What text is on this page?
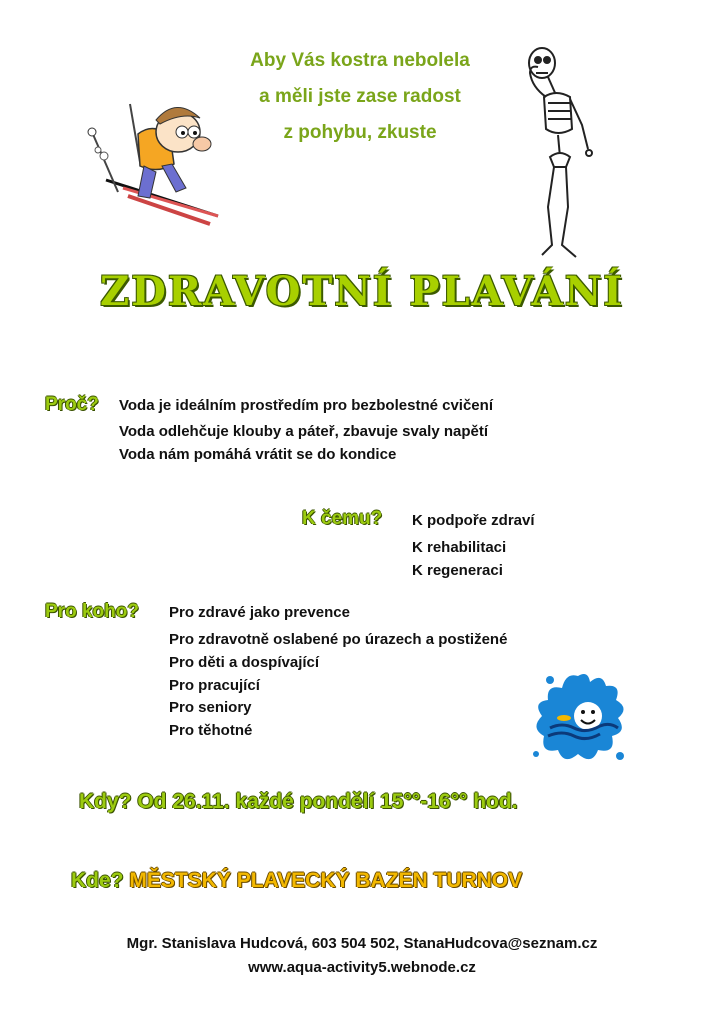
Aby Vás kostra nebolela
a měli jste zase radost
z pohybu, zkuste
ZDRAVOTNÍ PLAVÁNÍ
Proč? Voda je ideálním prostředím pro bezbolestné cvičení
Voda odlehčuje klouby a páteř, zbavuje svaly napětí
Voda nám pomáhá vrátit se do kondice
K čemu? K podpoře zdraví
K rehabilitaci
K regeneraci
Pro koho? Pro zdravé jako prevence
Pro zdravotně oslabené po úrazech a postižené
Pro děti a dospívající
Pro pracující
Pro seniory
Pro těhotné
Kdy? Od 26.11. každé pondělí 15°°-16°° hod.
Kde? MĚSTSKÝ PLAVECKÝ BAZÉN TURNOV
Mgr. Stanislava Hudcová, 603 504 502, StanaHudcova@seznam.cz
www.aqua-activity5.webnode.cz
